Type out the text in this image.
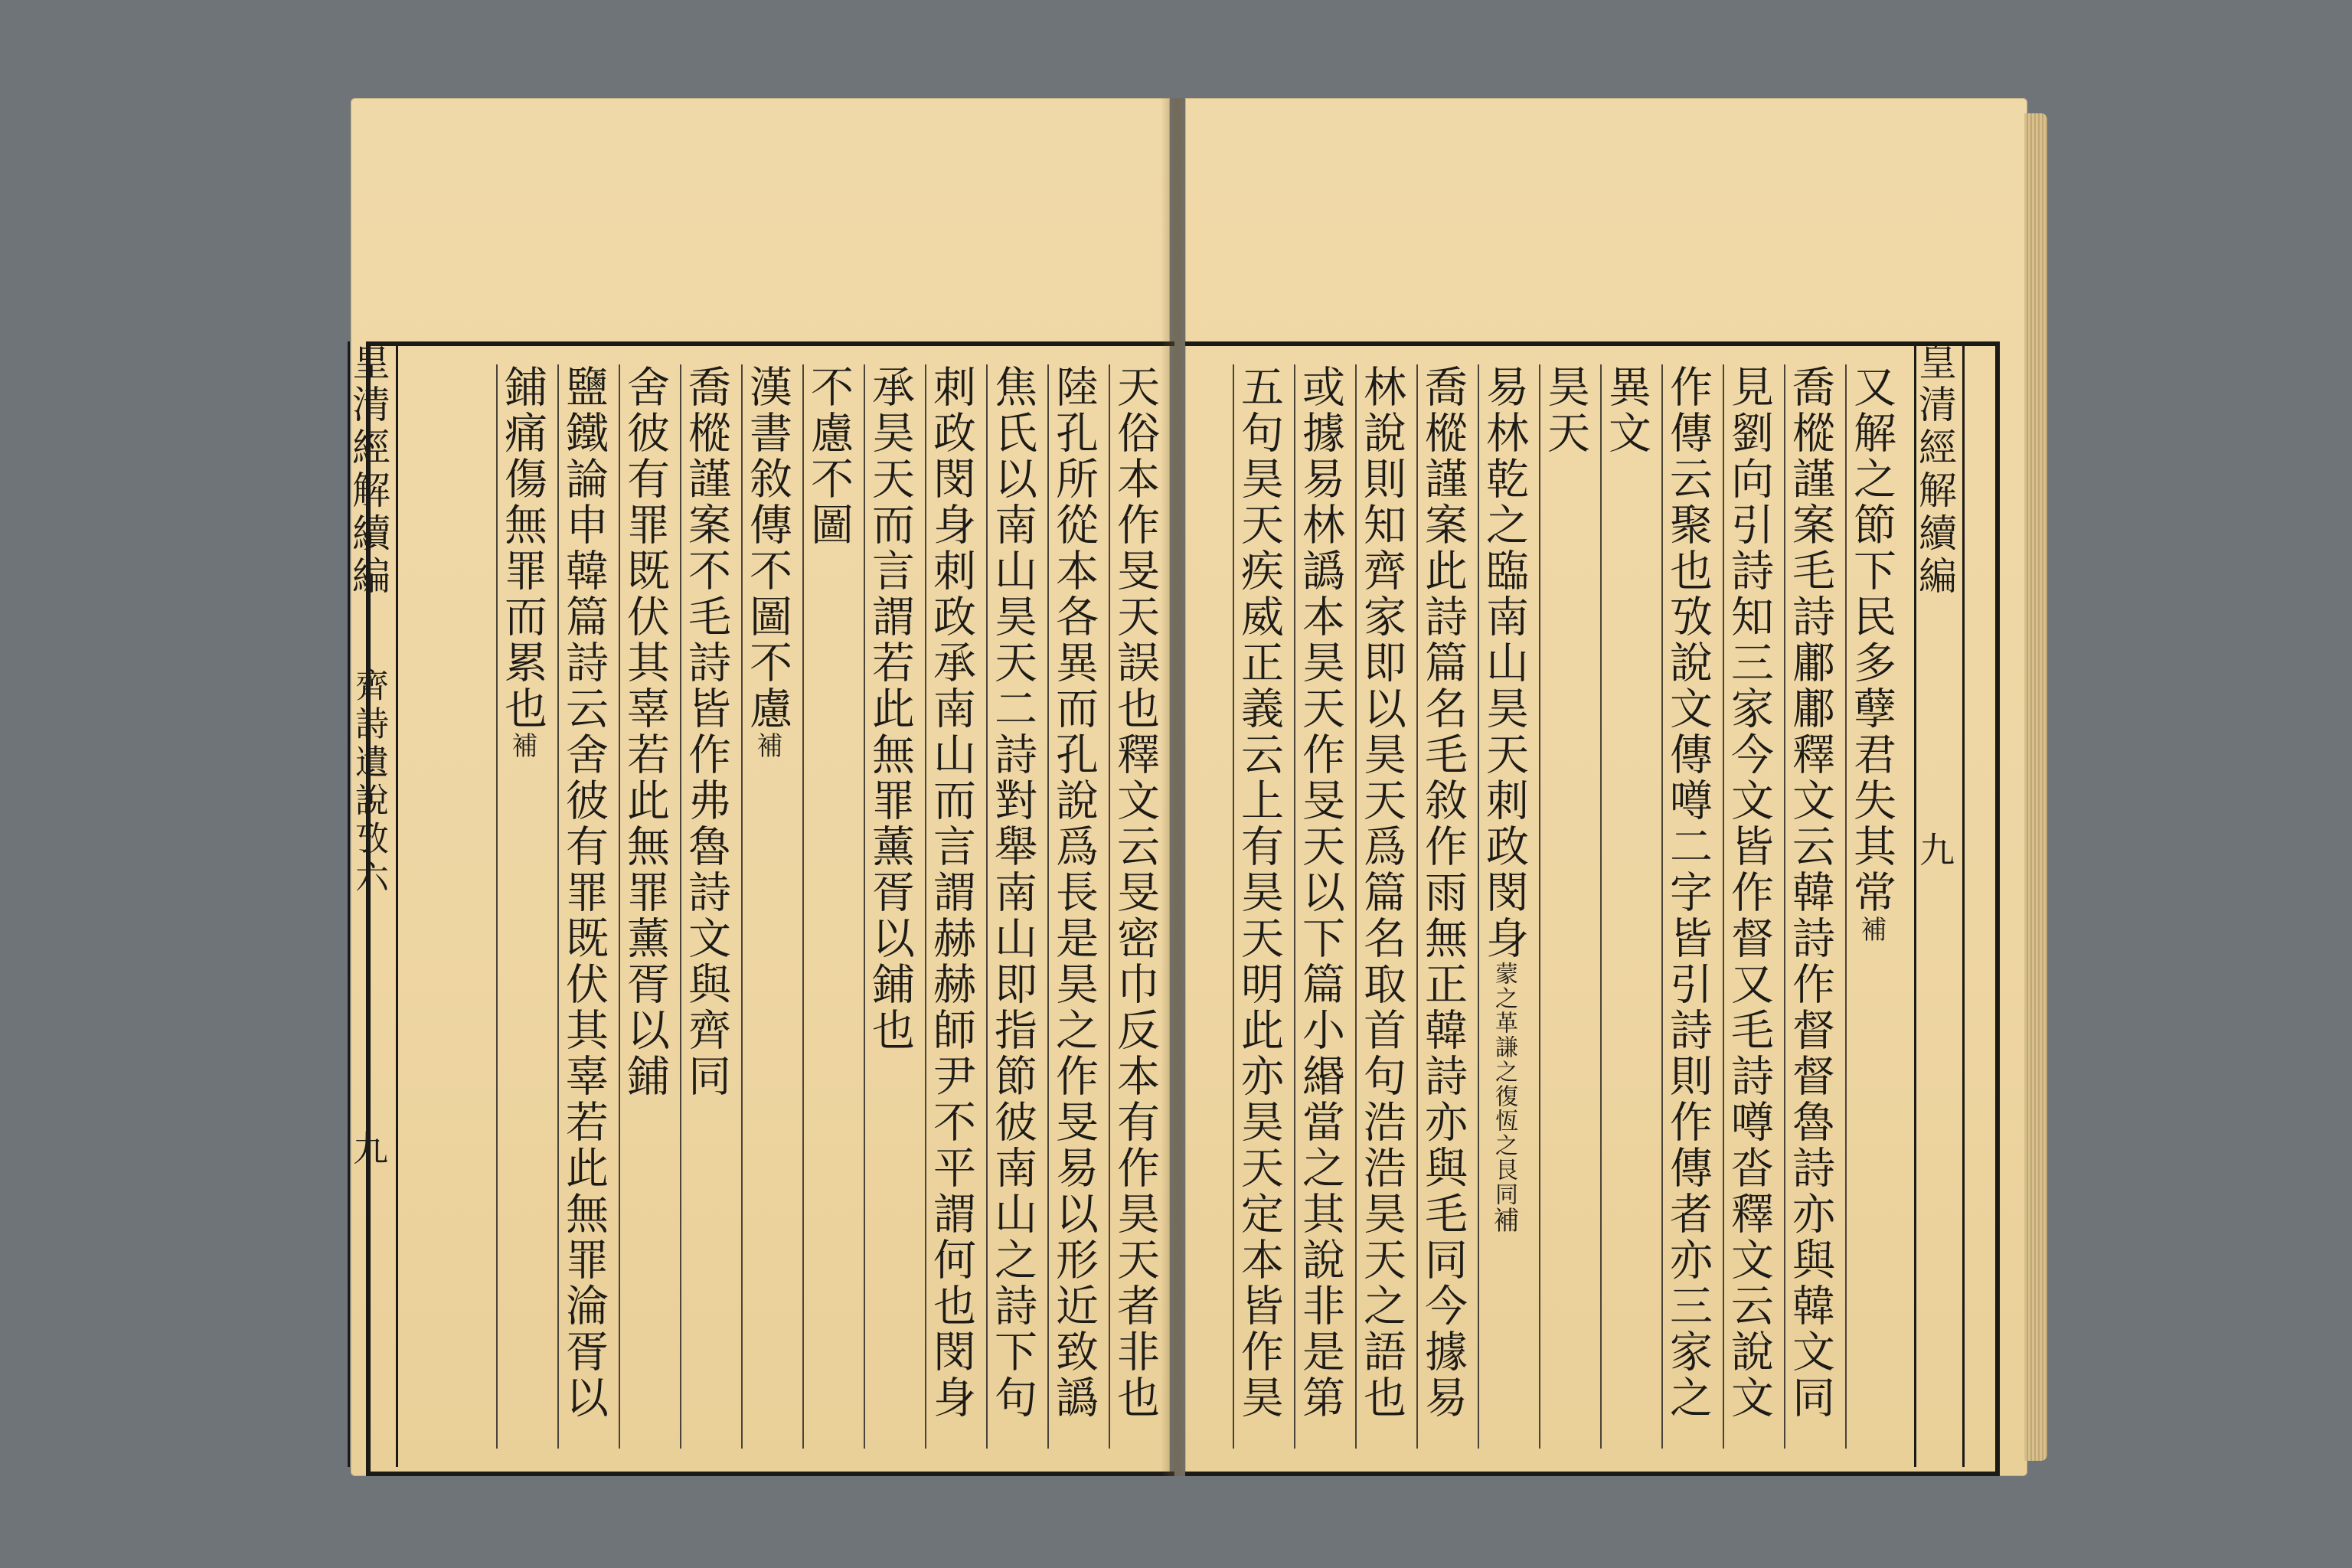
天俗本作旻天誤也釋文云旻密巾反本有作昊天者非也
陸孔所從本各異而孔說爲長是昊之作旻易以形近致譌
焦氏以南山昊天二詩對舉南山即指節彼南山之詩下句
刺政閔身刺政承南山而言謂赫赫師尹不平謂何也閔身
承昊天而言謂若此無罪薰胥以鋪也
不慮不圖
漢書敘傳不圖不慮補
喬樅謹案不毛詩皆作弗魯詩文與齊同
舍彼有罪既伏其辜若此無罪薰胥以鋪
鹽鐵論申韓篇詩云舍彼有罪既伏其辜若此無罪淪胥以
鋪痛傷無罪而累也補
皇清經解續編 齊詩遺說攷六 九
又解之節下民多孽君失其常補
喬樅謹案毛詩鄘鄘釋文云韓詩作督督魯詩亦與韓文同
見劉向引詩知三家今文皆作督又毛詩噂沓釋文云說文
作傳云聚也攷說文傳噂二字皆引詩則作傳者亦三家之
異文
昊天
易林乾之臨南山昊天刺政閔身蒙之革謙之復恆之艮同補
喬樅謹案此詩篇名毛敘作雨無正韓詩亦與毛同今據易
林說則知齊家即以昊天爲篇名取首句浩浩昊天之語也
或據易林譌本昊天作旻天以下篇小緡當之其說非是第
五句昊天疾威正義云上有昊天明此亦昊天定本皆作昊	皇清經解續編 九
